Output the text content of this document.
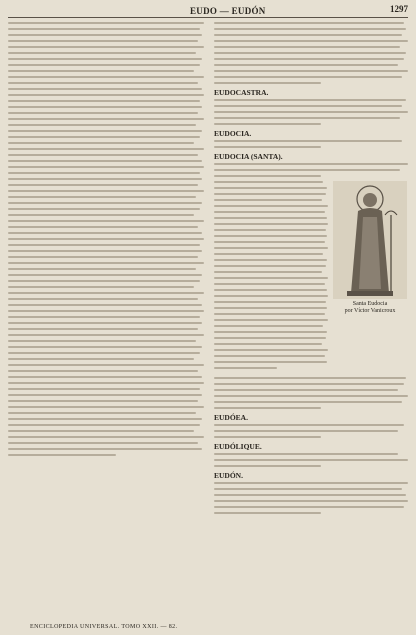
EUDO — EUDÓN	1297
EUDOCASTRA.
EUDOCIA.
EUDOCIA (SANTA).
Santa Eudocia
por Víctor Vanicroux
EUDÓEA.
EUDÓLIQUE.
EUDÓN.
ENCICLOPEDIA UNIVERSAL. TOMO XXII. — 82.
